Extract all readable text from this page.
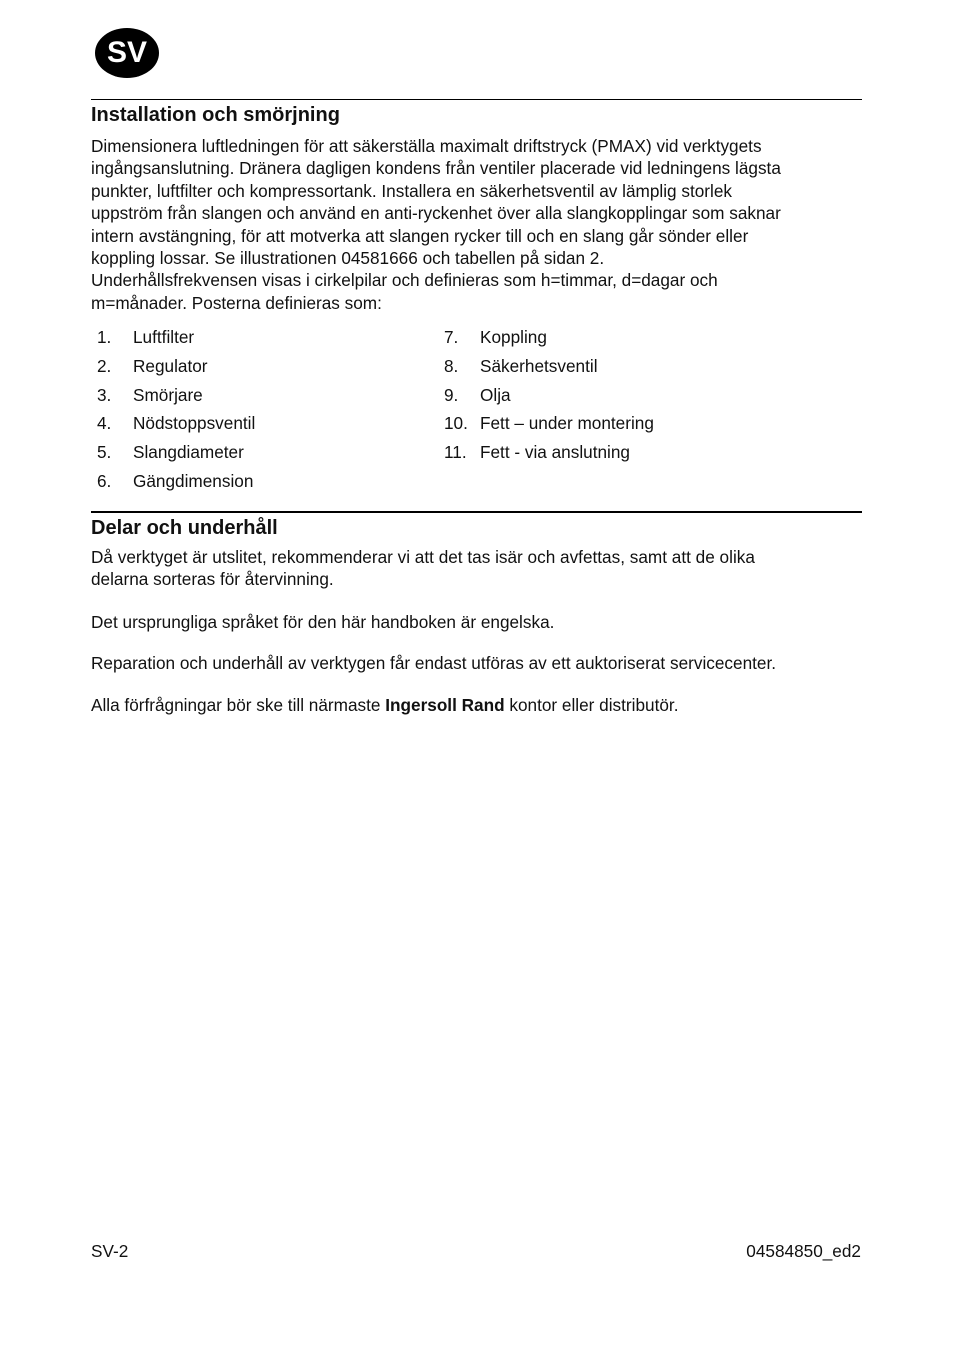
SV
Installation och smörjning

Dimensionera luftledningen för att säkerställa maximalt driftstryck (PMAX) vid verktygets
ingångsanslutning. Dränera dagligen kondens från ventiler placerade vid ledningens lägsta
punkter, luftfilter och kompressortank. Installera en säkerhetsventil av lämplig storlek
uppström från slangen och använd en anti-ryckenhet över alla slangkopplingar som saknar
intern avstängning, för att motverka att slangen rycker till och en slang går sönder eller
koppling lossar. Se illustrationen 04581666 och tabellen på sidan 2.
Underhållsfrekvensen visas i cirkelpilar och definieras som h=timmar, d=dagar och
m=månader. Posterna definieras som:

1. Luftfilter
2. Regulator
3. Smörjare
4. Nödstoppsventil
5. Slangdiameter
6. Gängdimension
7. Koppling
8. Säkerhetsventil
9. Olja
10. Fett – under montering
11. Fett - via anslutning
Delar och underhåll

Då verktyget är utslitet, rekommenderar vi att det tas isär och avfettas, samt att de olika
delarna sorteras för återvinning.

Det ursprungliga språket för den här handboken är engelska.

Reparation och underhåll av verktygen får endast utföras av ett auktoriserat servicecenter.

Alla förfrågningar bör ske till närmaste Ingersoll Rand kontor eller distributör.

SV-2	04584850_ed2
